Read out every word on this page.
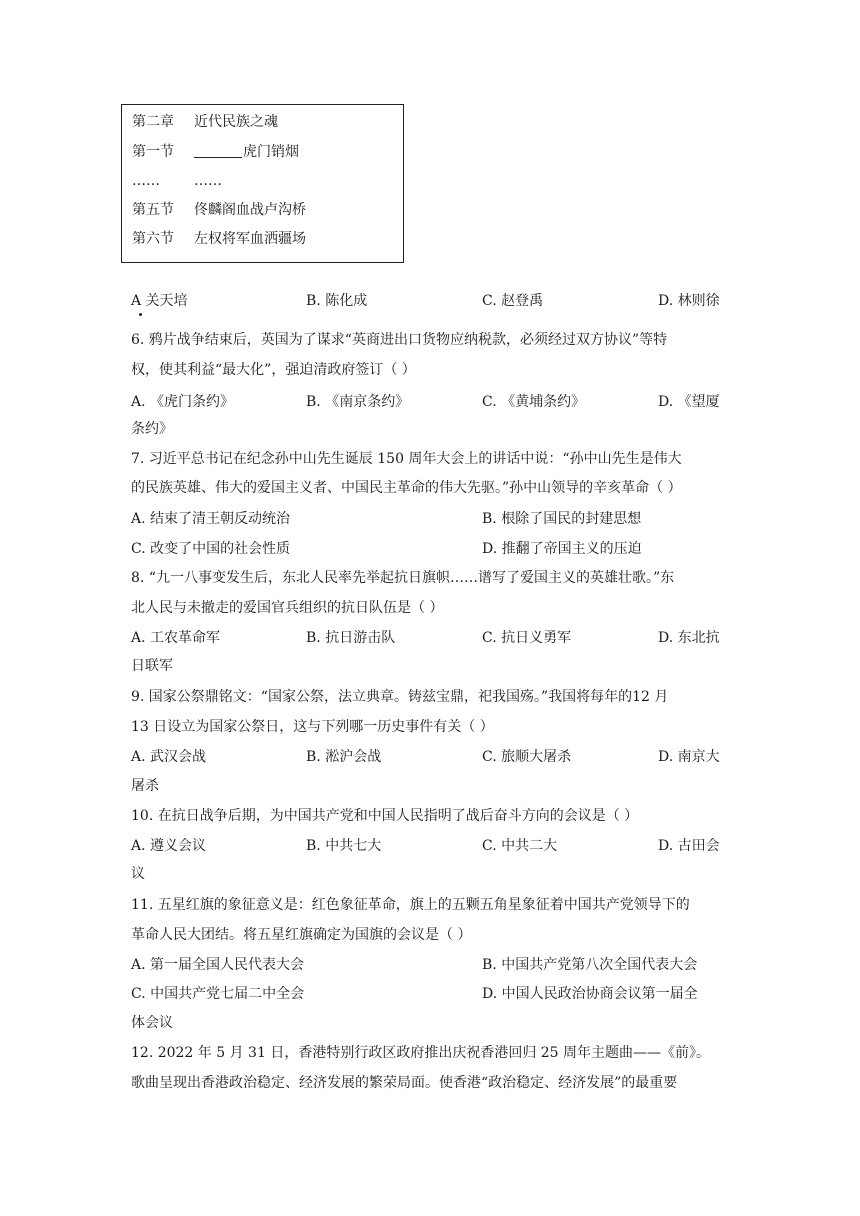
第二章 近代民族之魂
第一节	虎门销烟
…… ……
第五节 佟麟阁血战卢沟桥
第六节 左权将军血洒疆场
A 关天培	B. 陈化成	C. 赵登禹	D. 林则徐
6. 鸦片战争结束后，英国为了谋求“英商进出口货物应纳税款，必须经过双方协议”等特
权，使其利益“最大化”，强迫清政府签订（ ）
A. 《虎门条约》	B. 《南京条约》	C. 《黄埔条约》	D. 《望厦
条约》
7. 习近平总书记在纪念孙中山先生诞辰 150 周年大会上的讲话中说：“孙中山先生是伟大
的民族英雄、伟大的爱国主义者、中国民主革命的伟大先驱。”孙中山领导的辛亥革命（ ）
A. 结束了清王朝反动统治	B. 根除了国民的封建思想
C. 改变了中国的社会性质	D. 推翻了帝国主义的压迫
8. “九一八事变发生后，东北人民率先举起抗日旗帜……谱写了爱国主义的英雄壮歌。”东
北人民与未撤走的爱国官兵组织的抗日队伍是（ ）
A. 工农革命军	B. 抗日游击队	C. 抗日义勇军	D. 东北抗
日联军
9. 国家公祭鼎铭文：“国家公祭，法立典章。铸兹宝鼎，祀我国殇。”我国将每年的12 月
13 日设立为国家公祭日，这与下列哪一历史事件有关（ ）
A. 武汉会战	B. 淞沪会战	C. 旅顺大屠杀	D. 南京大
屠杀
10. 在抗日战争后期，为中国共产党和中国人民指明了战后奋斗方向的会议是（ ）
A. 遵义会议	B. 中共七大	C. 中共二大	D. 古田会
议
11. 五星红旗的象征意义是：红色象征革命，旗上的五颗五角星象征着中国共产党领导下的
革命人民大团结。将五星红旗确定为国旗的会议是（ ）
A. 第一届全国人民代表大会	B. 中国共产党第八次全国代表大会
C. 中国共产党七届二中全会	D. 中国人民政治协商会议第一届全
体会议
12. 2022 年 5 月 31 日，香港特别行政区政府推出庆祝香港回归 25 周年主题曲——《前》。
歌曲呈现出香港政治稳定、经济发展的繁荣局面。使香港“政治稳定、经济发展”的最重要
